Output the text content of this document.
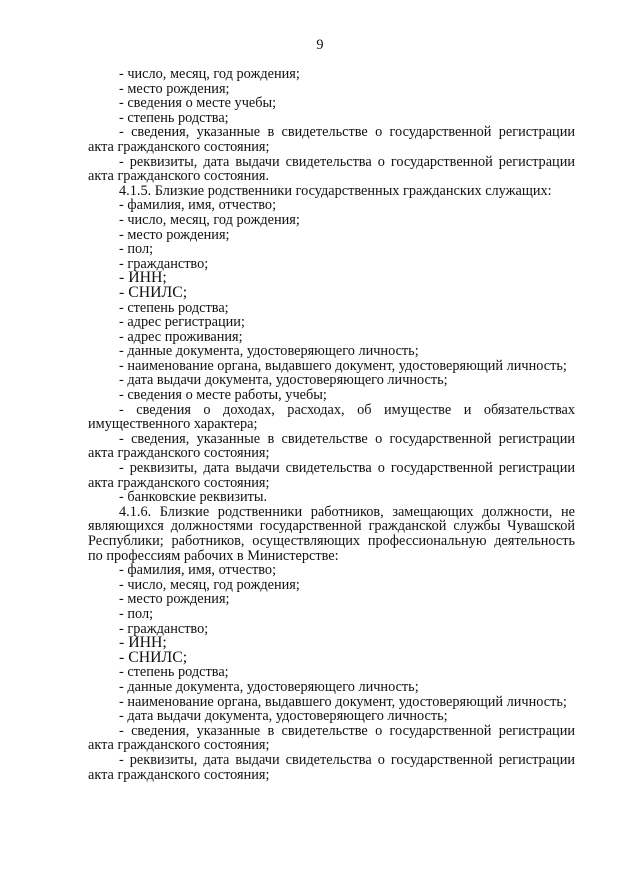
9

- число, месяц, год рождения;

- место рождения;

- сведения о месте учебы;

- степень родства;

- сведения, указанные в свидетельстве о государственной регистрации акта гражданского состояния;

- реквизиты, дата выдачи свидетельства о государственной регистрации акта гражданского состояния.

4.1.5. Близкие родственники государственных гражданских служащих:

- фамилия, имя, отчество;

- число, месяц, год рождения;

- место рождения;

- пол;

- гражданство;

- ИНН;

- СНИЛС;

- степень родства;

- адрес регистрации;

- адрес проживания;

- данные документа, удостоверяющего личность;

- наименование органа, выдавшего документ, удостоверяющий личность;

- дата выдачи документа, удостоверяющего личность;

- сведения о месте работы, учебы;

- сведения о доходах, расходах, об имуществе и обязательствах имущественного характера;

- сведения, указанные в свидетельстве о государственной регистрации акта гражданского состояния;

- реквизиты, дата выдачи свидетельства о государственной регистрации акта гражданского состояния;

- банковские реквизиты.

4.1.6. Близкие родственники работников, замещающих должности, не являющихся должностями государственной гражданской службы Чувашской Республики; работников, осуществляющих профессиональную деятельность по профессиям рабочих в Министерстве:

- фамилия, имя, отчество;

- число, месяц, год рождения;

- место рождения;

- пол;

- гражданство;

- ИНН;

- СНИЛС;

- степень родства;

- данные документа, удостоверяющего личность;

- наименование органа, выдавшего документ, удостоверяющий личность;

- дата выдачи документа, удостоверяющего личность;

- сведения, указанные в свидетельстве о государственной регистрации акта гражданского состояния;

- реквизиты, дата выдачи свидетельства о государственной регистрации акта гражданского состояния;
